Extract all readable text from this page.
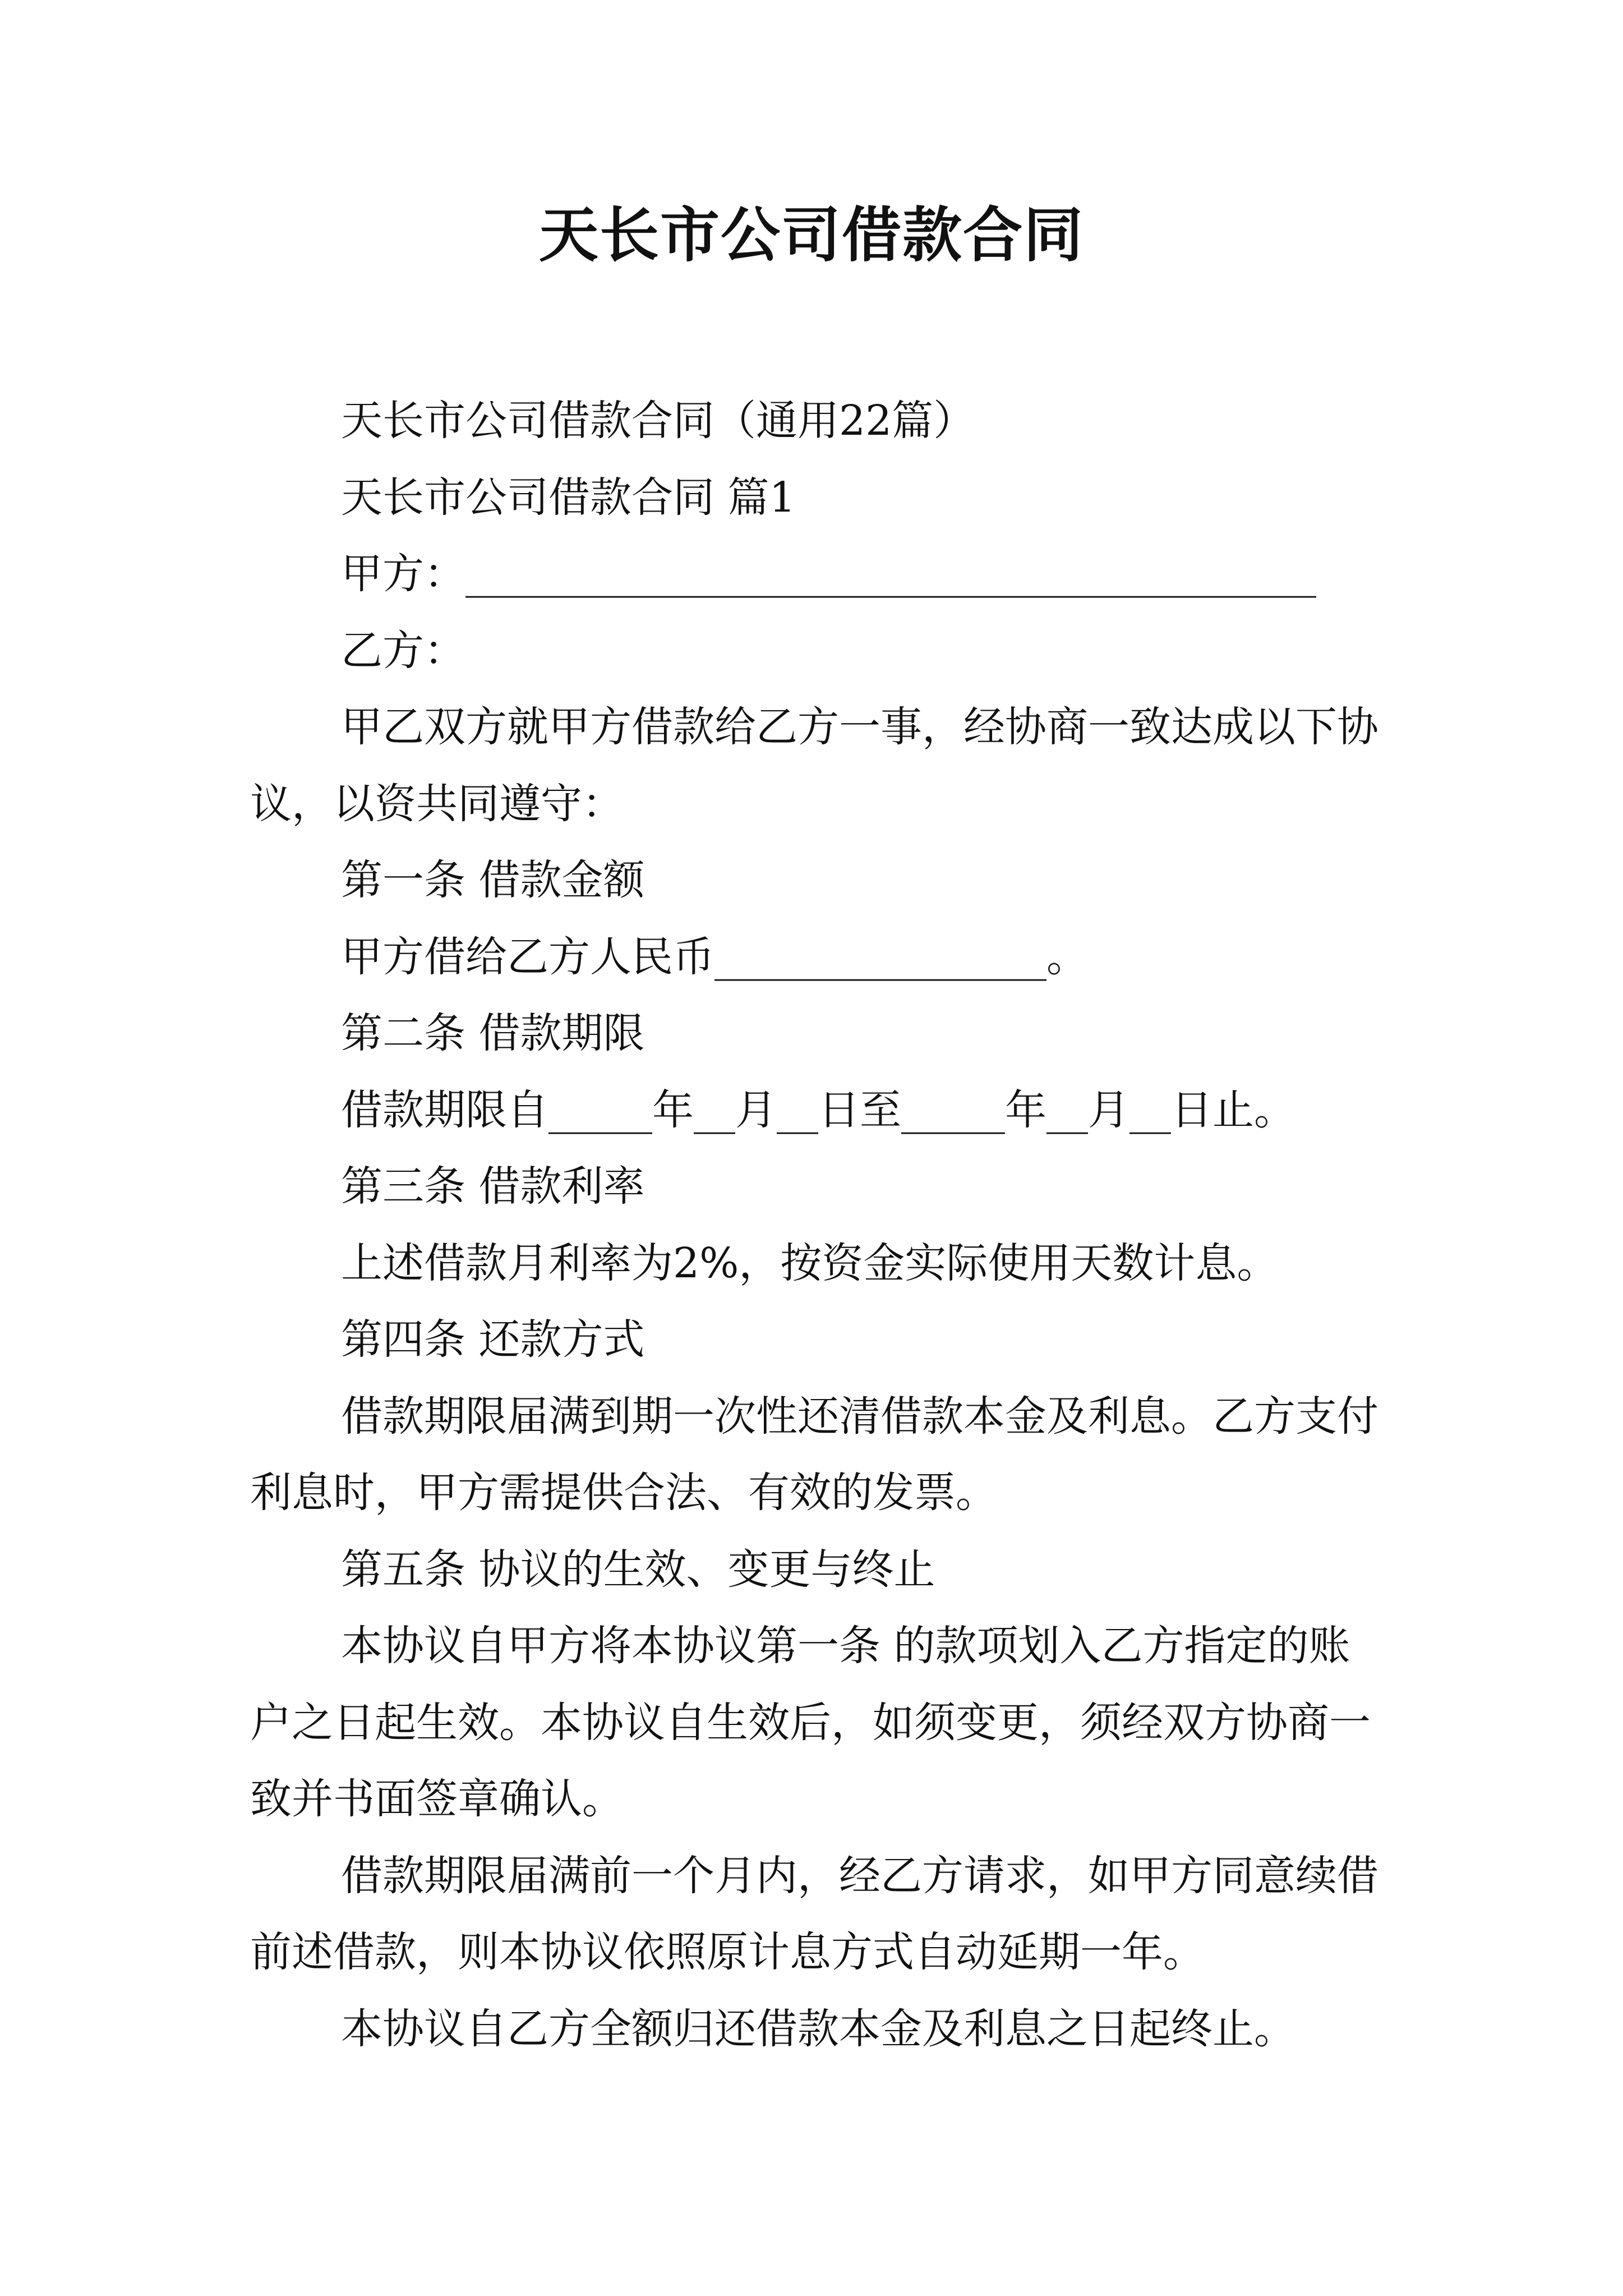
天长市公司借款合同

天长市公司借款合同（通用22篇）

天长市公司借款合同 篇1

甲方：_________________________________________

乙方：

甲乙双方就甲方借款给乙方一事，经协商一致达成以下协议，以资共同遵守：

第一条 借款金额

甲方借给乙方人民币________________。

第二条 借款期限

借款期限自_____年__月__日至_____年__月__日止。

第三条 借款利率

上述借款月利率为2%，按资金实际使用天数计息。

第四条 还款方式

借款期限届满到期一次性还清借款本金及利息。乙方支付利息时，甲方需提供合法、有效的发票。

第五条 协议的生效、变更与终止

本协议自甲方将本协议第一条 的款项划入乙方指定的账户之日起生效。本协议自生效后，如须变更，须经双方协商一致并书面签章确认。

借款期限届满前一个月内，经乙方请求，如甲方同意续借前述借款，则本协议依照原计息方式自动延期一年。

本协议自乙方全额归还借款本金及利息之日起终止。
